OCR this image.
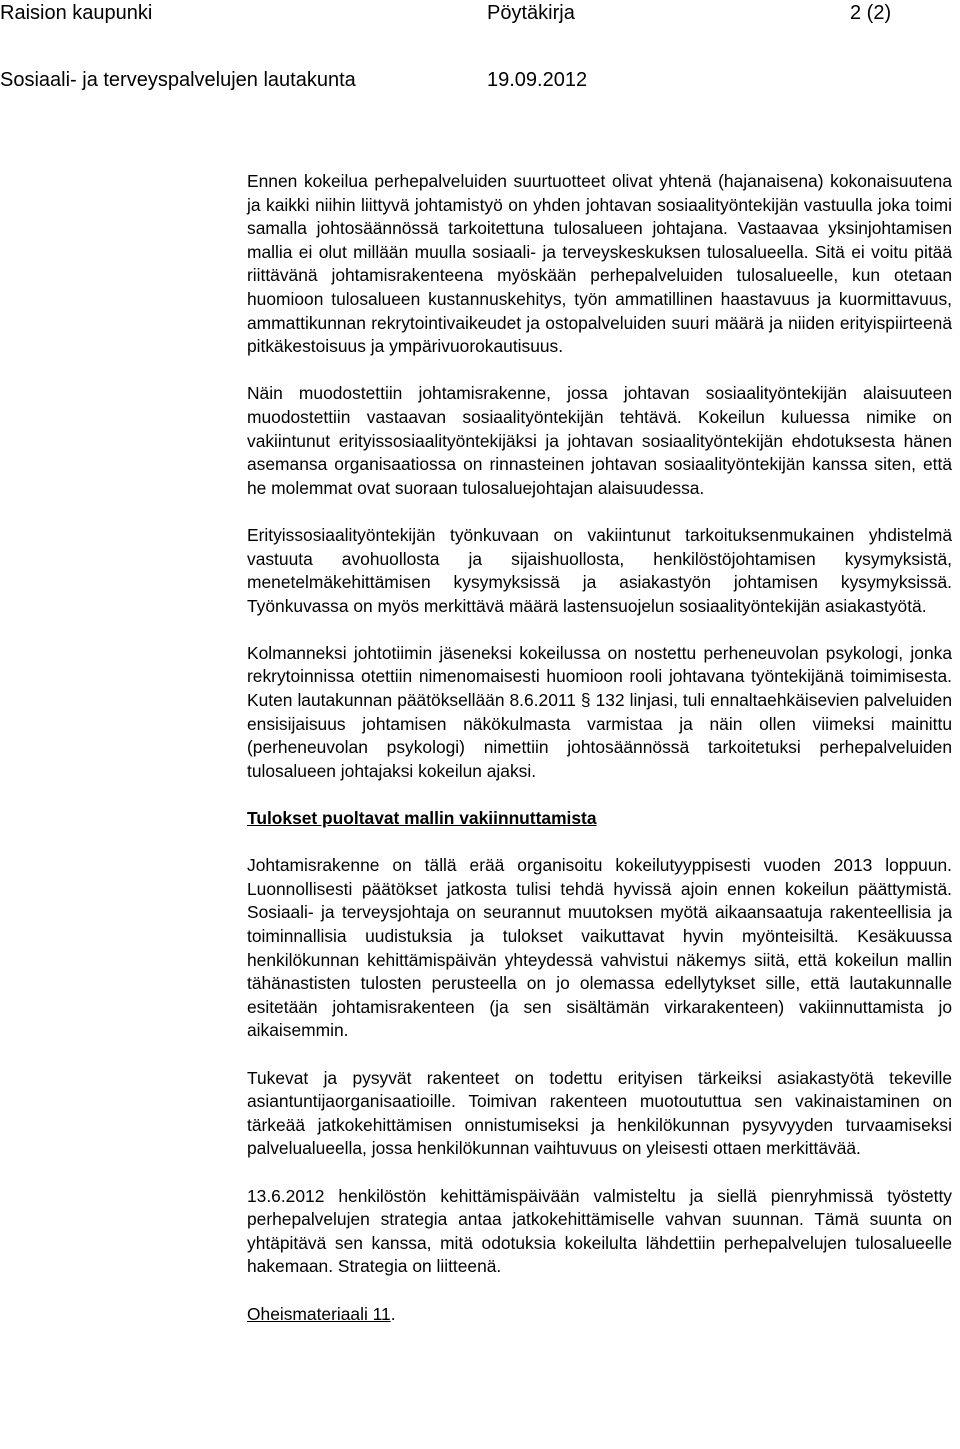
Raision kaupunki	Pöytäkirja	2 (2)
Sosiaali- ja terveyspalvelujen lautakunta	19.09.2012

Ennen kokeilua perhepalveluiden suurtuotteet olivat yhtenä (hajanaisena) kokonaisuutena ja kaikki niihin liittyvä johtamistyö on yhden johtavan sosiaalityöntekijän vastuulla joka toimi samalla johtosäännössä tarkoitettuna tulosalueen johtajana. Vastaavaa yksinjohtamisen mallia ei olut millään muulla sosiaali- ja terveyskeskuksen tulosalueella. Sitä ei voitu pitää riittävänä johtamisrakenteena myöskään perhepalveluiden tulosalueelle, kun otetaan huomioon tulosalueen kustannuskehitys, työn ammatillinen haastavuus ja kuormittavuus, ammattikunnan rekrytointivaikeudet ja ostopalveluiden suuri määrä ja niiden erityispiirteenä pitkäkestoisuus ja ympärivuorokautisuus.

Näin muodostettiin johtamisrakenne, jossa johtavan sosiaalityöntekijän alaisuuteen muodostettiin vastaavan sosiaalityöntekijän tehtävä. Kokeilun kuluessa nimike on vakiintunut erityissosiaalityöntekijäksi ja johtavan sosiaalityöntekijän ehdotuksesta hänen asemansa organisaatiossa on rinnasteinen johtavan sosiaalityöntekijän kanssa siten, että he molemmat ovat suoraan tulosaluejohtajan alaisuudessa.

Erityissosiaalityöntekijän työnkuvaan on vakiintunut tarkoituksenmukainen yhdistelmä vastuuta avohuollosta ja sijaishuollosta, henkilöstöjohtamisen kysymyksistä, menetelmäkehittämisen kysymyksissä ja asiakastyön johtamisen kysymyksissä. Työnkuvassa on myös merkittävä määrä lastensuojelun sosiaalityöntekijän asiakastyötä.

Kolmanneksi johtotiimin jäseneksi kokeilussa on nostettu perheneuvolan psykologi, jonka rekrytoinnissa otettiin nimenomaisesti huomioon rooli johtavana työntekijänä toimimisesta. Kuten lautakunnan päätöksellään 8.6.2011 § 132 linjasi, tuli ennaltaehkäisevien palveluiden ensisijaisuus johtamisen näkökulmasta varmistaa ja näin ollen viimeksi mainittu (perheneuvolan psykologi) nimettiin johtosäännössä tarkoitetuksi perhepalveluiden tulosalueen johtajaksi kokeilun ajaksi.

Tulokset puoltavat mallin vakiinnuttamista

Johtamisrakenne on tällä erää organisoitu kokeilutyyppisesti vuoden 2013 loppuun. Luonnollisesti päätökset jatkosta tulisi tehdä hyvissä ajoin ennen kokeilun päättymistä. Sosiaali- ja terveysjohtaja on seurannut muutoksen myötä aikaansaatuja rakenteellisia ja toiminnallisia uudistuksia ja tulokset vaikuttavat hyvin myönteisiltä. Kesäkuussa henkilökunnan kehittämispäivän yhteydessä vahvistui näkemys siitä, että kokeilun mallin tähänastisten tulosten perusteella on jo olemassa edellytykset sille, että lautakunnalle esitetään johtamisrakenteen (ja sen sisältämän virkarakenteen) vakiinnuttamista jo aikaisemmin.

Tukevat ja pysyvät rakenteet on todettu erityisen tärkeiksi asiakastyötä tekeville asiantuntijaorganisaatioille. Toimivan rakenteen muotoututtua sen vakinaistaminen on tärkeää jatkokehittämisen onnistumiseksi ja henkilökunnan pysyvyyden turvaamiseksi palvelualueella, jossa henkilökunnan vaihtuvuus on yleisesti ottaen merkittävää.

13.6.2012 henkilöstön kehittämispäivään valmisteltu ja siellä pienryhmissä työstetty perhepalvelujen strategia antaa jatkokehittämiselle vahvan suunnan. Tämä suunta on yhtäpitävä sen kanssa, mitä odotuksia kokeilulta lähdettiin perhepalvelujen tulosalueelle hakemaan. Strategia on liitteenä.

Oheismateriaali 11.
